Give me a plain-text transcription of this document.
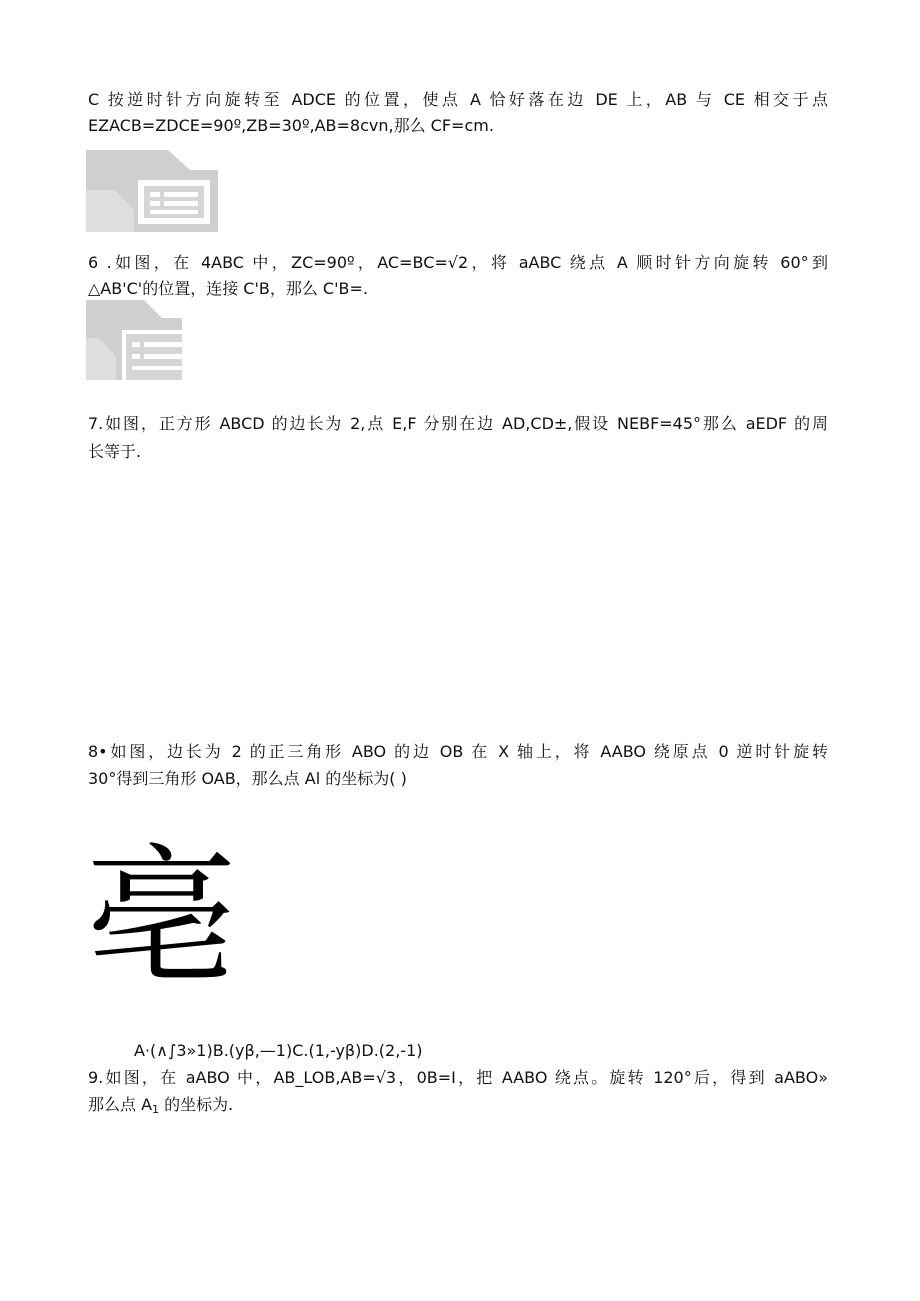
C 按逆时针方向旋转至 ADCE 的位置，使点 A 恰好落在边 DE 上，AB 与 CE 相交于点
EZACB=ZDCE=90º,ZB=30º,AB=8cvn,那么 CF=cm.
6 .如图，在 4ABC 中，ZC=90º，AC=BC=√2，将 aABC 绕点 A 顺时针方向旋转 60°到
△AB'C'的位置，连接 C'B，那么 C'B=.
7.如图，正方形 ABCD 的边长为 2,点 E,F 分别在边 AD,CD±,假设 NEBF=45°那么 aEDF 的周
长等于.
8•如图，边长为 2 的正三角形 ABO 的边 OB 在 X 轴上，将 AABO 绕原点 0 逆时针旋转
30°得到三角形 OAB，那么点 Al 的坐标为( )
亳
A·(∧∫3»1)B.(yβ,—1)C.(1,-yβ)D.(2,-1)
9.如图，在 aABO 中，AB_LOB,AB=√3，0B=I，把 AABO 绕点。旋转 120°后，得到 aABO»
那么点 $A_1$ 的坐标为.
